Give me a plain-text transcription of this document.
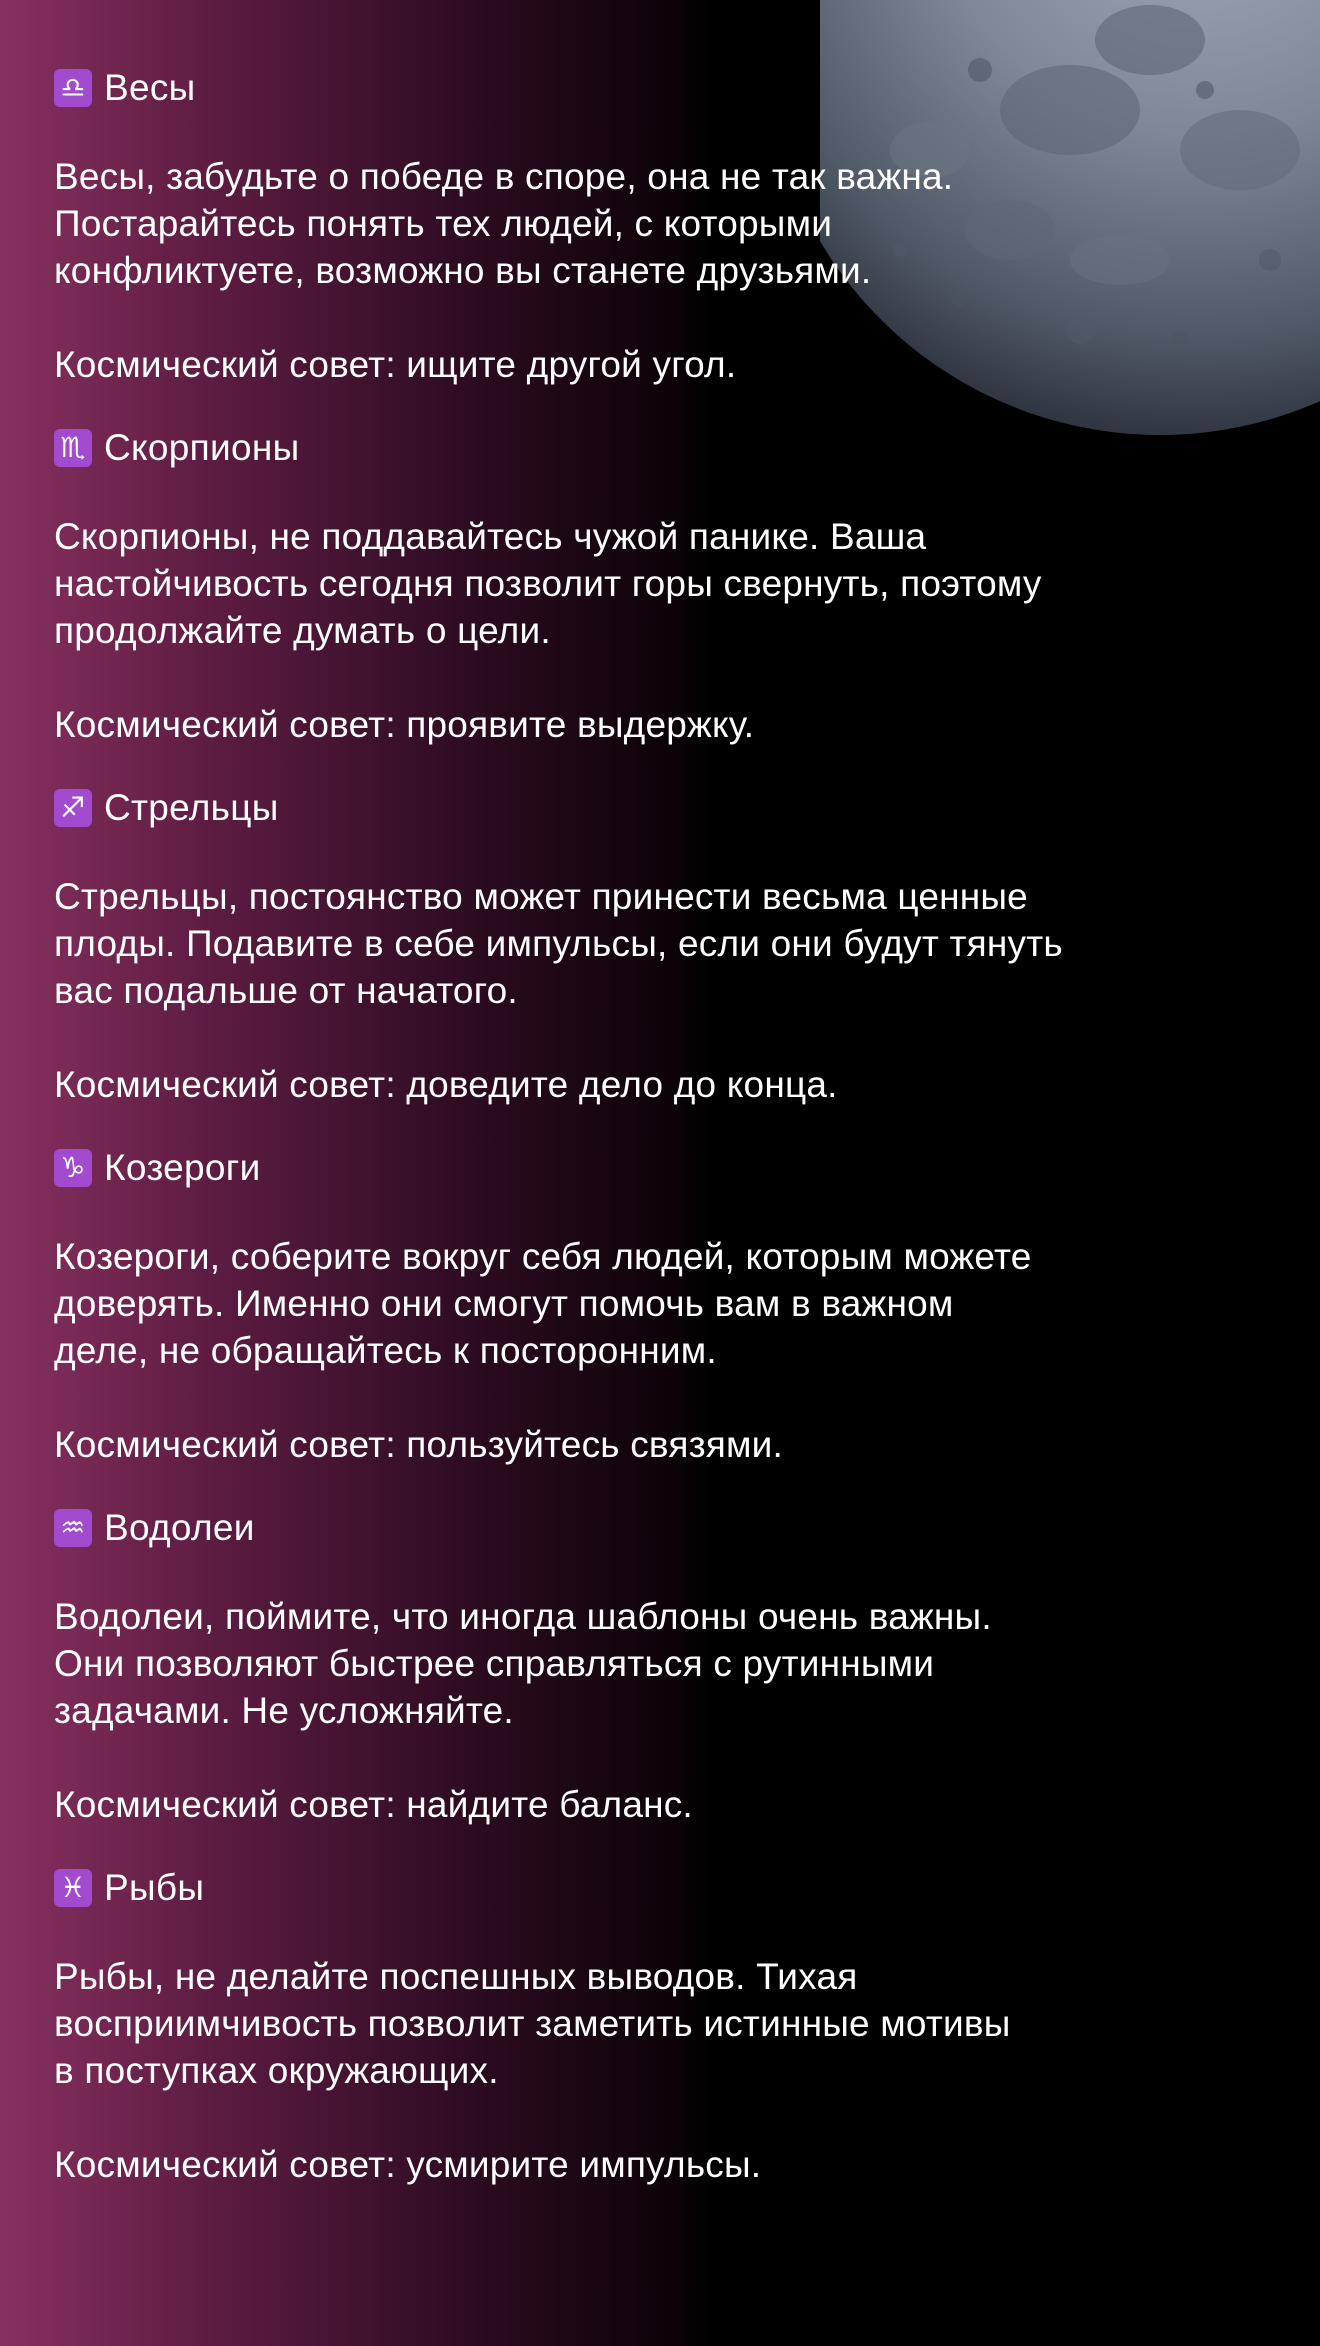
♎ Весы
Весы, забудьте о победе в споре, она не так важна.
Постарайтесь понять тех людей, с которыми
конфликтуете, возможно вы станете друзьями.
Космический совет: ищите другой угол.
♏ Скорпионы
Скорпионы, не поддавайтесь чужой панике. Ваша
настойчивость сегодня позволит горы свернуть, поэтому
продолжайте думать о цели.
Космический совет: проявите выдержку.
♐ Стрельцы
Стрельцы, постоянство может принести весьма ценные
плоды. Подавите в себе импульсы, если они будут тянуть
вас подальше от начатого.
Космический совет: доведите дело до конца.
♑ Козероги
Козероги, соберите вокруг себя людей, которым можете
доверять. Именно они смогут помочь вам в важном
деле, не обращайтесь к посторонним.
Космический совет: пользуйтесь связями.
♒ Водолеи
Водолеи, поймите, что иногда шаблоны очень важны.
Они позволяют быстрее справляться с рутинными
задачами. Не усложняйте.
Космический совет: найдите баланс.
♓ Рыбы
Рыбы, не делайте поспешных выводов. Тихая
восприимчивость позволит заметить истинные мотивы
в поступках окружающих.
Космический совет: усмирите импульсы.
